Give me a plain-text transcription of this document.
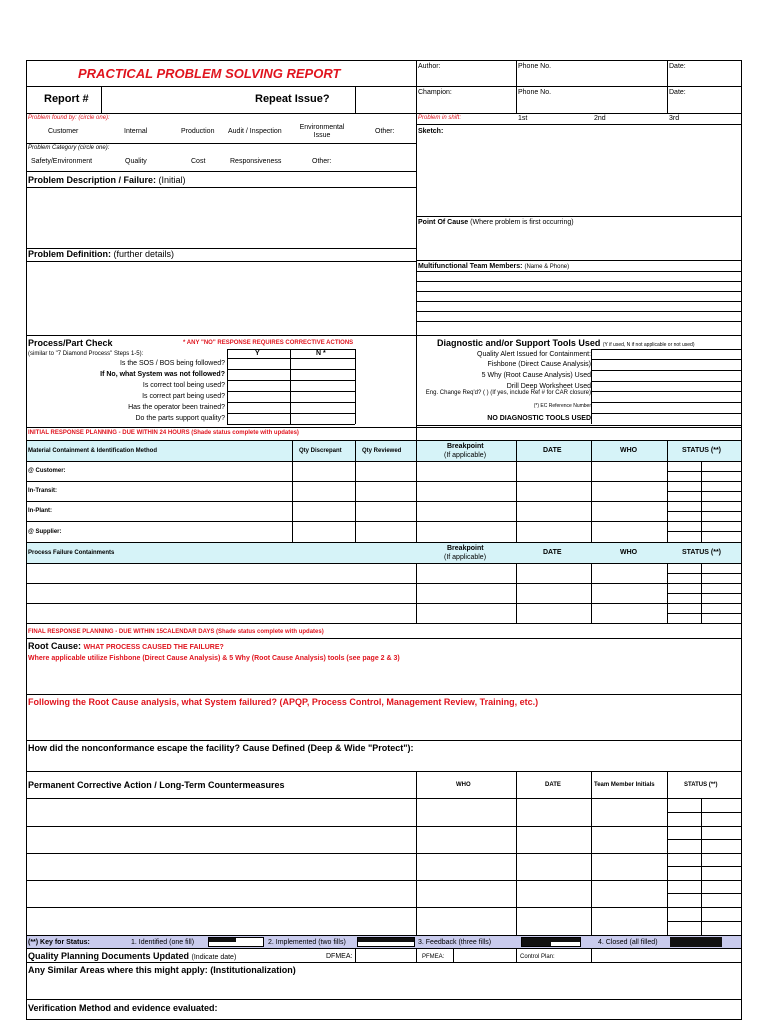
PRACTICAL PROBLEM SOLVING REPORT
Report #	Repeat Issue?
Author:	Phone No.	Date:
Champion:	Phone No.	Date:
Problem found by: (circle one):
Customer	Internal	Production Audit / Inspection
Environmental Issue
Other:
Problem in shift:	1st	2nd	3rd
Sketch:
Problem Category (circle one):
Safety/Environment	Quality	Cost	Responsiveness	Other:
Problem Description / Failure: (Initial)
Point Of Cause (Where problem is first occurring)
Problem Definition: (further details)
Multifunctional Team Members: (Name & Phone)
Process/Part Check	* ANY "NO" RESPONSE REQUIRES CORRECTIVE ACTIONS
(similar to "7 Diamond Process" Steps 1-5):	Y	N *
Is the SOS / BOS being followed?
If No, what System was not followed?
Is correct tool being used?
Is correct part being used?
Has the operator been trained?
Do the parts support quality?
Diagnostic and/or Support Tools Used (Y if used, N if not applicable or not used)
Quality Alert Issued for Containment:
Fishbone (Direct Cause Analysis)
5 Why (Root Cause Analysis) Used
Drill Deep Worksheet Used
Eng. Change Req'd? ( ) (If yes, include Ref # for CAR closure)
(*) EC Reference Number
NO DIAGNOSTIC TOOLS USED
INITIAL RESPONSE PLANNING - DUE WITHIN 24 HOURS (Shade status complete with updates)
Material Containment & Identification Method	Qty Discrepant	Qty Reviewed
Breakpoint
(If applicable)
DATE	WHO	STATUS (**)
@ Customer:
In-Transit:
In-Plant:
@ Supplier:
Process Failure Containments
Breakpoint
(If applicable)
DATE	WHO	STATUS (**)
FINAL RESPONSE PLANNING - DUE WITHIN 15CALENDAR DAYS (Shade status complete with updates)
Root Cause: WHAT PROCESS CAUSED THE FAILURE?
Where applicable utilize Fishbone (Direct Cause Analysis) & 5 Why (Root Cause Analysis) tools (see page 2 & 3)
Following the Root Cause analysis, what System failured? (APQP, Process Control, Management Review, Training, etc.)
How did the nonconformance escape the facility? Cause Defined (Deep & Wide "Protect"):
Permanent Corrective Action / Long-Term Countermeasures	WHO	DATE	Team Member Initials	STATUS (**)
(**) Key for Status:	1. Identified (one fill)	2. Implemented (two fills)	3. Feedback (three fills)	4. Closed (all filled)
Quality Planning Documents Updated (Indicate date)	DFMEA:	PFMEA:	Control Plan:
Any Similar Areas where this might apply: (Institutionalization)
Verification Method and evidence evaluated:
